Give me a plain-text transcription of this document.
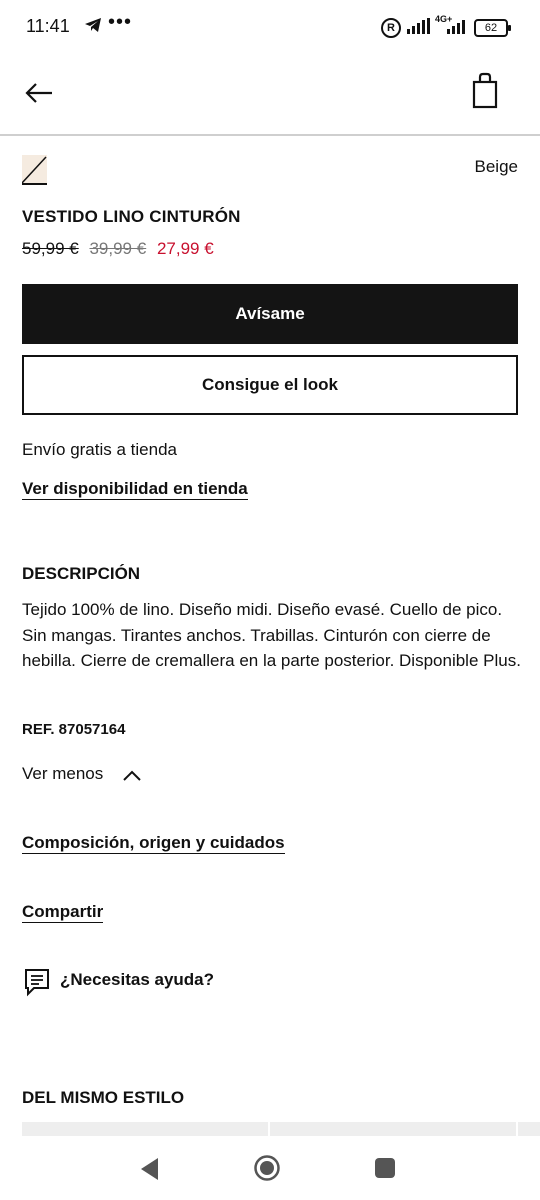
11:41 •••	R
4G+
62
Beige
VESTIDO LINO CINTURÓN
59,99 € 39,99 € 27,99 €
Avísame
Consigue el look
Envío gratis a tienda
Ver disponibilidad en tienda
DESCRIPCIÓN
Tejido 100% de lino. Diseño midi. Diseño evasé. Cuello de pico. Sin mangas. Tirantes anchos. Trabillas. Cinturón con cierre de hebilla. Cierre de cremallera en la parte posterior. Disponible Plus.
REF. 87057164
Ver menos
Composición, origen y cuidados
Compartir
¿Necesitas ayuda?
DEL MISMO ESTILO
